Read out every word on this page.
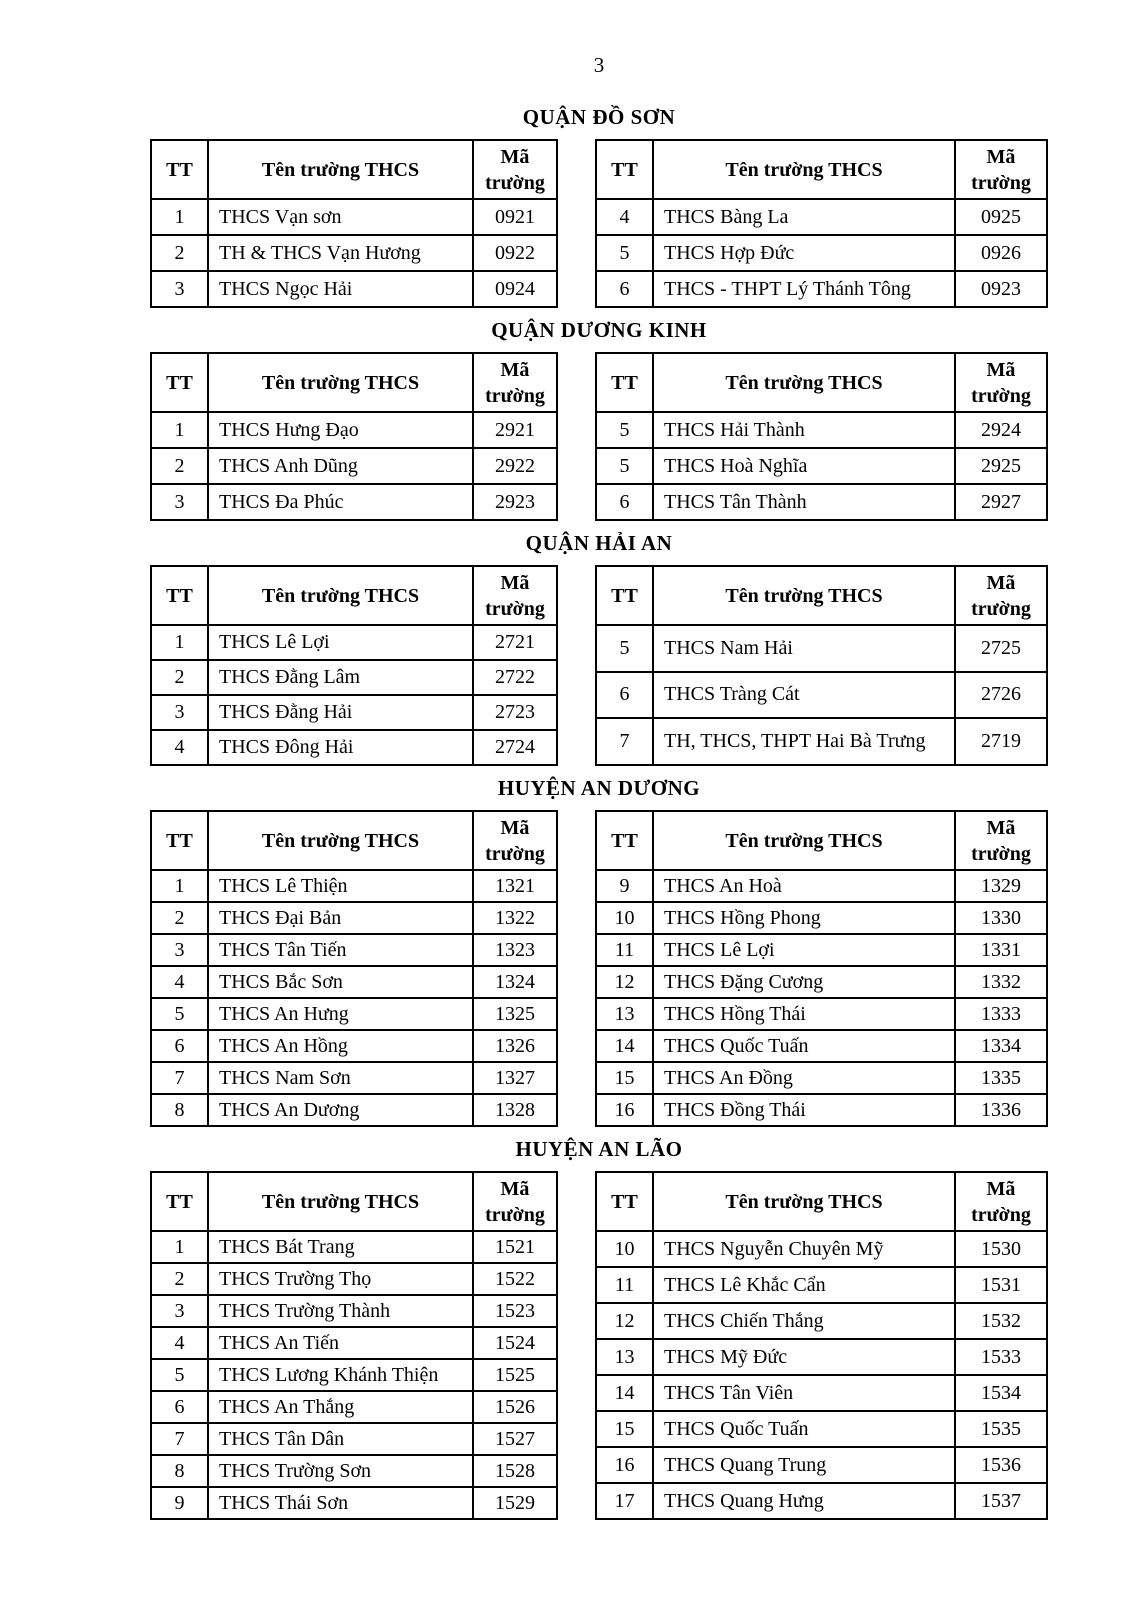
3
QUẬN ĐỒ SƠN
TT	Tên trường THCS	Mã trường
1	THCS Vạn sơn	0921
2	TH & THCS Vạn Hương	0922
3	THCS Ngọc Hải	0924
TT	Tên trường THCS	Mã trường
4	THCS Bàng La	0925
5	THCS Hợp Đức	0926
6	THCS - THPT Lý Thánh Tông	0923
QUẬN DƯƠNG KINH
TT	Tên trường THCS	Mã trường
1	THCS Hưng Đạo	2921
2	THCS Anh Dũng	2922
3	THCS Đa Phúc	2923
TT	Tên trường THCS	Mã trường
5	THCS Hải Thành	2924
5	THCS Hoà Nghĩa	2925
6	THCS Tân Thành	2927
QUẬN HẢI AN
TT	Tên trường THCS	Mã trường
1	THCS Lê Lợi	2721
2	THCS Đằng Lâm	2722
3	THCS Đằng Hải	2723
4	THCS Đông Hải	2724
TT	Tên trường THCS	Mã trường
5	THCS Nam Hải	2725
6	THCS Tràng Cát	2726
7	TH, THCS, THPT Hai Bà Trưng	2719
HUYỆN AN DƯƠNG
TT	Tên trường THCS	Mã trường
1	THCS Lê Thiện	1321
2	THCS Đại Bản	1322
3	THCS Tân Tiến	1323
4	THCS Bắc Sơn	1324
5	THCS An Hưng	1325
6	THCS An Hồng	1326
7	THCS Nam Sơn	1327
8	THCS An Dương	1328
TT	Tên trường THCS	Mã trường
9	THCS An Hoà	1329
10	THCS Hồng Phong	1330
11	THCS Lê Lợi	1331
12	THCS Đặng Cương	1332
13	THCS Hồng Thái	1333
14	THCS Quốc Tuấn	1334
15	THCS An Đồng	1335
16	THCS Đồng Thái	1336
HUYỆN AN LÃO
TT	Tên trường THCS	Mã trường
1	THCS Bát Trang	1521
2	THCS Trường Thọ	1522
3	THCS Trường Thành	1523
4	THCS An Tiến	1524
5	THCS Lương Khánh Thiện	1525
6	THCS An Thắng	1526
7	THCS Tân Dân	1527
8	THCS Trường Sơn	1528
9	THCS Thái Sơn	1529
TT	Tên trường THCS	Mã trường
10	THCS Nguyễn Chuyên Mỹ	1530
11	THCS Lê Khắc Cẩn	1531
12	THCS Chiến Thắng	1532
13	THCS Mỹ Đức	1533
14	THCS Tân Viên	1534
15	THCS Quốc Tuấn	1535
16	THCS Quang Trung	1536
17	THCS Quang Hưng	1537
